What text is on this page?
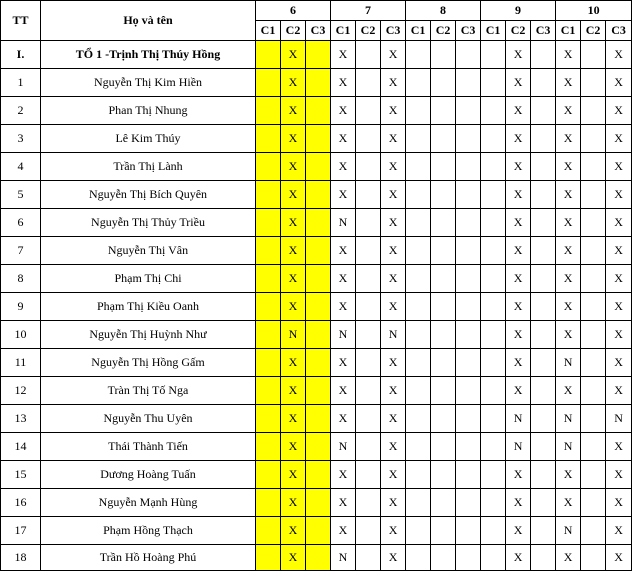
TT	Họ và tên	6			7			8			9			10		
		C1	C2	C3	C1	C2	C3	C1	C2	C3	C1	C2	C3	C1	C2	C3
I.	TỔ 1 -Trịnh Thị Thúy Hồng		X		X		X					X		X		X
1	Nguyễn Thị Kim Hiền		X		X		X					X		X		X
2	Phan Thị Nhung		X		X		X					X		X		X
3	Lê Kim Thúy		X		X		X					X		X		X
4	Trần Thị Lành		X		X		X					X		X		X
5	Nguyễn Thị Bích Quyên		X		X		X					X		X		X
6	Nguyễn Thị Thủy Triều		X		N		X					X		X		X
7	Nguyễn Thị Vân		X		X		X					X		X		X
8	Phạm Thị Chi		X		X		X					X		X		X
9	Phạm Thị Kiều Oanh		X		X		X					X		X		X
10	Nguyễn Thị Huỳnh Như		N		N		N					X		X		X
11	Nguyễn Thị Hồng Gấm		X		X		X					X		N		X
12	Tràn Thị Tố Nga		X		X		X					X		X		X
13	Nguyễn Thu Uyên		X		X		X					N		N		N
14	Thái Thành Tiến		X		N		X					N		N		X
15	Dương Hoàng Tuấn		X		X		X					X		X		X
16	Nguyễn Mạnh Hùng		X		X		X					X		X		X
17	Phạm Hồng Thạch		X		X		X					X		N		X
18	Trần Hồ Hoàng Phú		X		N		X					X		X		X
